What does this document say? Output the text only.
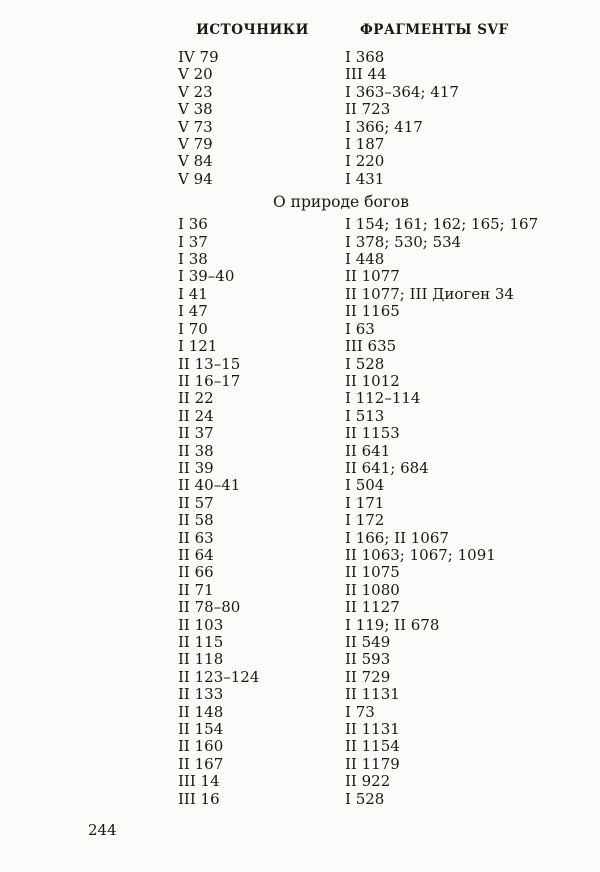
ИСТОЧНИКИ	ФРАГМЕНТЫ SVF
IV 79	I 368
V 20	III 44
V 23	I 363–364; 417
V 38	II 723
V 73	I 366; 417
V 79	I 187
V 84	I 220
V 94	I 431
О природе богов
I 36	I 154; 161; 162; 165; 167
I 37	I 378; 530; 534
I 38	I 448
I 39–40	II 1077
I 41	II 1077; III Диоген 34
I 47	II 1165
I 70	I 63
I 121	III 635
II 13–15	I 528
II 16–17	II 1012
II 22	I 112–114
II 24	I 513
II 37	II 1153
II 38	II 641
II 39	II 641; 684
II 40–41	I 504
II 57	I 171
II 58	I 172
II 63	I 166; II 1067
II 64	II 1063; 1067; 1091
II 66	II 1075
II 71	II 1080
II 78–80	II 1127
II 103	I 119; II 678
II 115	II 549
II 118	II 593
II 123–124	II 729
II 133	II 1131
II 148	I 73
II 154	II 1131
II 160	II 1154
II 167	II 1179
III 14	II 922
III 16	I 528
244
